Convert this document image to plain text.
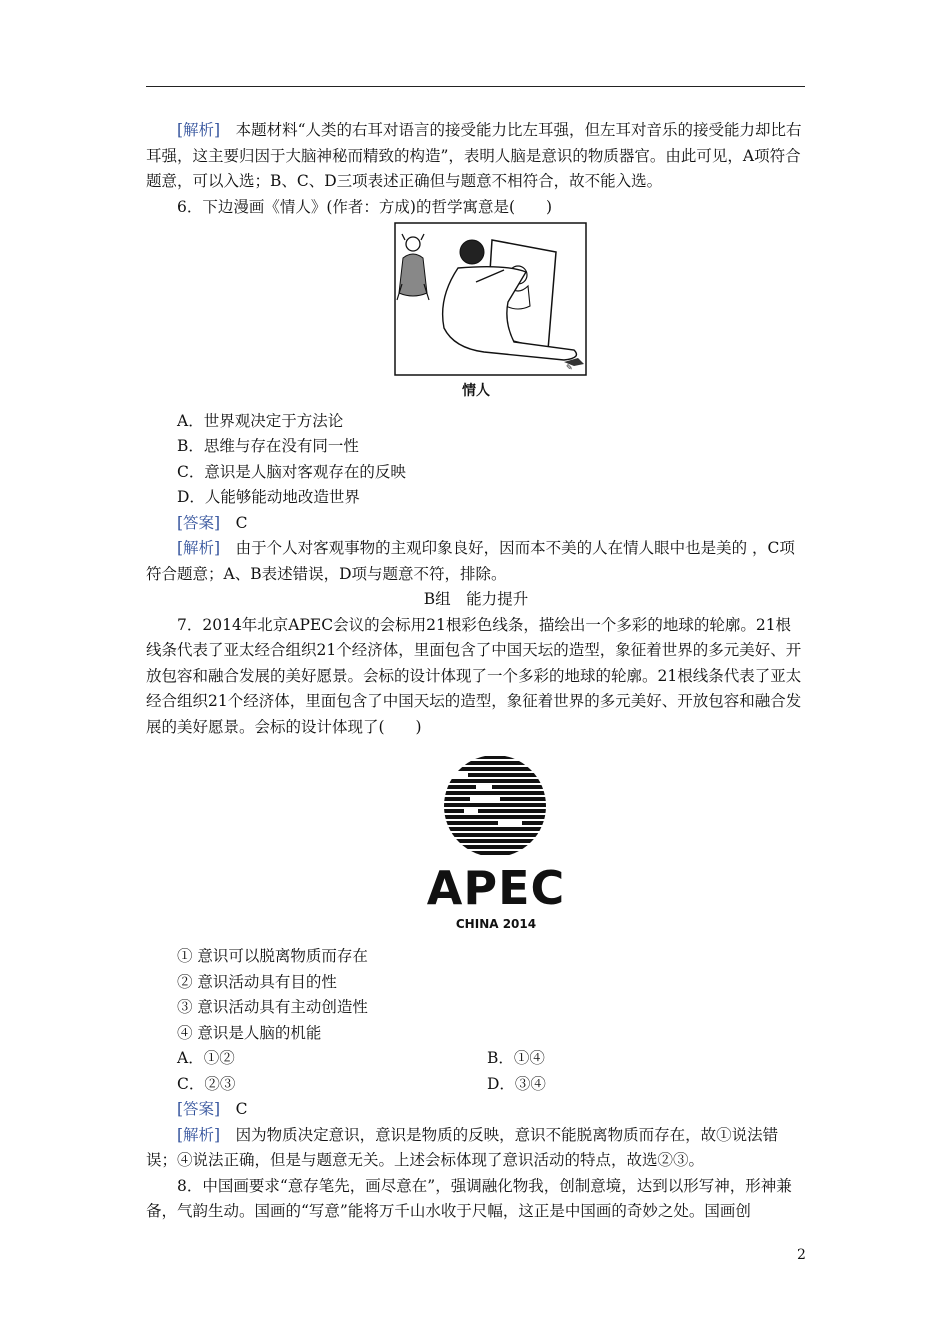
[解析]　本题材料“人类的右耳对语言的接受能力比左耳强，但左耳对音乐的接受能力却比右耳强，这主要归因于大脑神秘而精致的构造”，表明人脑是意识的物质器官。由此可见，A项符合题意，可以入选；B、C、D三项表述正确但与题意不相符合，故不能入选。

6．下边漫画《情人》(作者：方成)的哲学寓意是(　　)

✎

情人

A．世界观决定于方法论

B．思维与存在没有同一性

C．意识是人脑对客观存在的反映

D．人能够能动地改造世界

[答案]　C

[解析]　由于个人对客观事物的主观印象良好，因而本不美的人在情人眼中也是美的 ，C项符合题意；A、B表述错误，D项与题意不符，排除。

B组　能力提升

7．2014年北京APEC会议的会标用21根彩色线条，描绘出一个多彩的地球的轮廓。21根线条代表了亚太经合组织21个经济体，里面包含了中国天坛的造型，象征着世界的多元美好、开放包容和融合发展的美好愿景。会标的设计体现了一个多彩的地球的轮廓。21根线条代表了亚太经合组织21个经济体，里面包含了中国天坛的造型，象征着世界的多元美好、开放包容和融合发展的美好愿景。会标的设计体现了(　　)

APEC
CHINA 2014

① 意识可以脱离物质而存在

② 意识活动具有目的性

③ 意识活动具有主动创造性

④ 意识是人脑的机能

A．①②	B．①④
C．②③	D．③④

[答案]　C

[解析]　因为物质决定意识，意识是物质的反映，意识不能脱离物质而存在，故①说法错误；④说法正确，但是与题意无关。上述会标体现了意识活动的特点，故选②③。

8．中国画要求“意存笔先，画尽意在”，强调融化物我，创制意境，达到以形写神，形神兼备，气韵生动。国画的“写意”能将万千山水收于尺幅，这正是中国画的奇妙之处。国画创

2
